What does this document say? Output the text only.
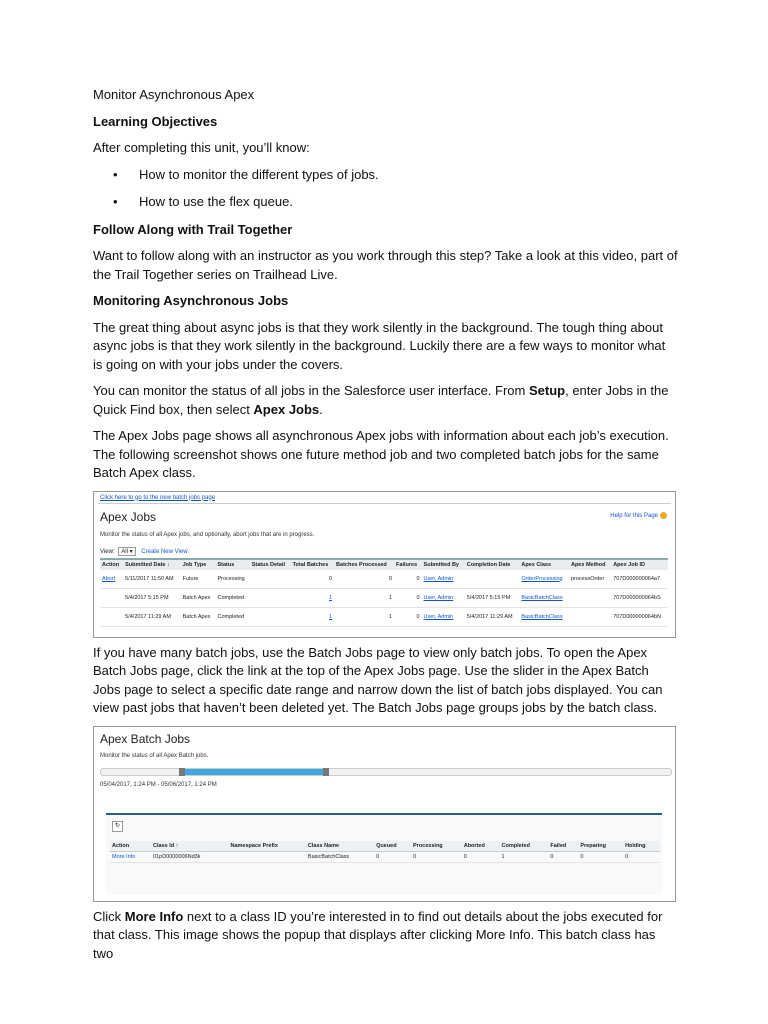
Monitor Asynchronous Apex

Learning Objectives

After completing this unit, you’ll know:

• How to monitor the different types of jobs.
• How to use the flex queue.

Follow Along with Trail Together

Want to follow along with an instructor as you work through this step? Take a look at this video, part of the Trail Together series on Trailhead Live.

Monitoring Asynchronous Jobs

The great thing about async jobs is that they work silently in the background. The tough thing about async jobs is that they work silently in the background. Luckily there are a few ways to monitor what is going on with your jobs under the covers.

You can monitor the status of all jobs in the Salesforce user interface. From Setup, enter Jobs in the Quick Find box, then select Apex Jobs.

The Apex Jobs page shows all asynchronous Apex jobs with information about each job’s execution. The following screenshot shows one future method job and two completed batch jobs for the same Batch Apex class.

Click here to go to the new batch jobs page
Apex Jobs	Help for this Page
Monitor the status of all Apex jobs, and optionally, abort jobs that are in progress.
View: All ▾ Create New View
Action	Submitted Date ↓	Job Type	Status	Status Detail	Total Batches	Batches Processed	Failures	Submitted By	Completion Date	Apex Class	Apex Method	Apex Job ID
Abort	5/11/2017 11:50 AM	Future	Processing		0	0	0	User, Admin		OrderProcessing	processOrder	707D000000064a7
	5/4/2017 5:15 PM	Batch Apex	Completed		1	1	0	User, Admin	5/4/2017 5:15 PM	BasicBatchClass		707D000000064bS
	5/4/2017 11:29 AM	Batch Apex	Completed		1	1	0	User, Admin	5/4/2017 11:29 AM	BasicBatchClass		707D000000064bN

If you have many batch jobs, use the Batch Jobs page to view only batch jobs. To open the Apex Batch Jobs page, click the link at the top of the Apex Jobs page. Use the slider in the Apex Batch Jobs page to select a specific date range and narrow down the list of batch jobs displayed. You can view past jobs that haven’t been deleted yet. The Batch Jobs page groups jobs by the batch class.

Apex Batch Jobs
Monitor the status of all Apex Batch jobs.
05/04/2017, 1:24 PM - 05/06/2017, 1:24 PM
↻
Action	Class Id ↑	Namespace Prefix	Class Name	Queued	Processing	Aborted	Completed	Failed	Preparing	Holding
More Info	01pD0000006Nd3k		BasicBatchClass	0	0	0	1	0	0	0

Click More Info next to a class ID you’re interested in to find out details about the jobs executed for that class. This image shows the popup that displays after clicking More Info. This batch class has two
